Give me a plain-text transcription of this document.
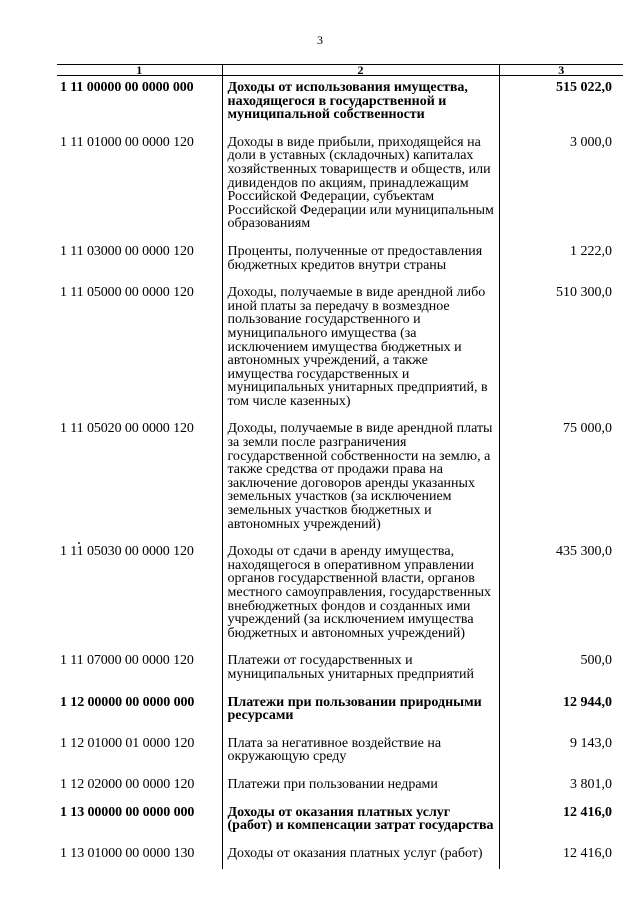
3
1	2	3
1 11 00000 00 0000 000	Доходы от использования имущества, находящегося в государственной и муниципальной собственности	515 022,0
1 11 01000 00 0000 120	Доходы в виде прибыли, приходящейся на доли в уставных (складочных) капиталах хозяйственных товариществ и обществ, или дивидендов по акциям, принадлежащим Российской Федерации, субъектам Российской Федерации или муниципальным образованиям	3 000,0
1 11 03000 00 0000 120	Проценты, полученные от предоставления бюджетных кредитов внутри страны	1 222,0
1 11 05000 00 0000 120	Доходы, получаемые в виде арендной либо иной платы за передачу в возмездное пользование государственного и муниципального имущества (за исключением имущества бюджетных и автономных учреждений, а также имущества государственных и муниципальных унитарных предприятий, в том числе казенных)	510 300,0
1 11 05020 00 0000 120	Доходы, получаемые в виде арендной платы за земли после разграничения государственной собственности на землю, а также средства от продажи права на заключение договоров аренды указанных земельных участков (за исключением земельных участков бюджетных и автономных учреждений)	75 000,0
1 11 05030 00 0000 120	Доходы от сдачи в аренду имущества, находящегося в оперативном управлении органов государственной власти, органов местного самоуправления, государственных внебюджетных фондов и созданных ими учреждений (за исключением имущества бюджетных и автономных учреждений)	435 300,0
1 11 07000 00 0000 120	Платежи от государственных и муниципальных унитарных предприятий	500,0
1 12 00000 00 0000 000	Платежи при пользовании природными ресурсами	12 944,0
1 12 01000 01 0000 120	Плата за негативное воздействие на окружающую среду	9 143,0
1 12 02000 00 0000 120	Платежи при пользовании недрами	3 801,0
1 13 00000 00 0000 000	Доходы от оказания платных услуг (работ) и компенсации затрат государства	12 416,0
1 13 01000 00 0000 130	Доходы от оказания платных услуг (работ)	12 416,0
